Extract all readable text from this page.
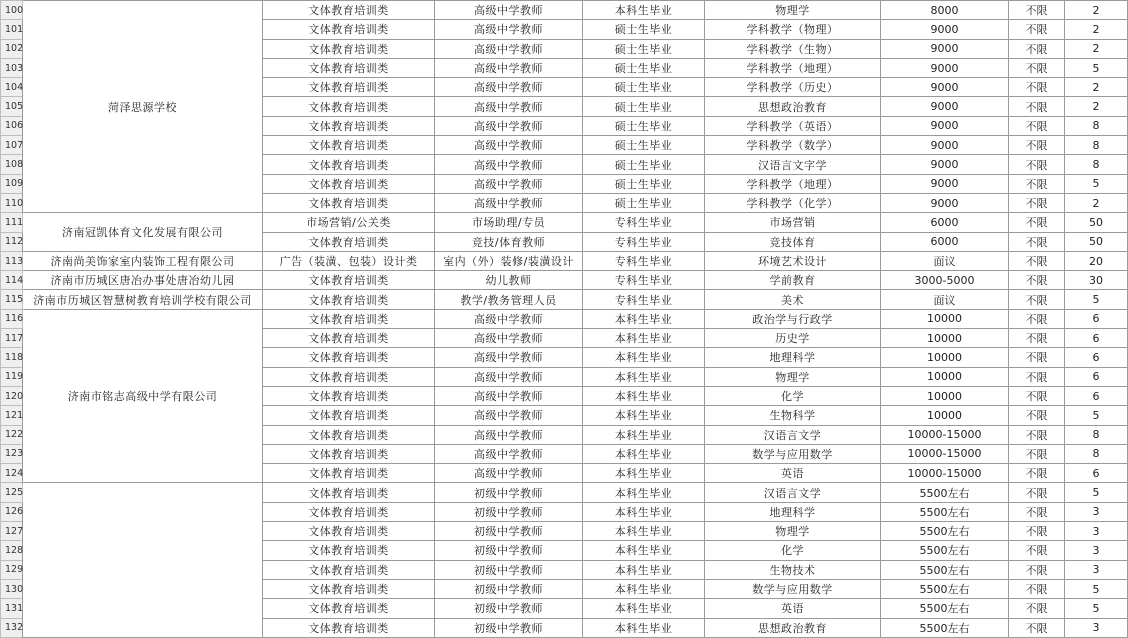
100	菏泽思源学校	文体教育培训类	高级中学教师	本科生毕业	物理学	8000	不限	2
101		文体教育培训类	高级中学教师	硕士生毕业	学科教学（物理）	9000	不限	2
102		文体教育培训类	高级中学教师	硕士生毕业	学科教学（生物）	9000	不限	2
103		文体教育培训类	高级中学教师	硕士生毕业	学科教学（地理）	9000	不限	5
104		文体教育培训类	高级中学教师	硕士生毕业	学科教学（历史）	9000	不限	2
105		文体教育培训类	高级中学教师	硕士生毕业	思想政治教育	9000	不限	2
106		文体教育培训类	高级中学教师	硕士生毕业	学科教学（英语）	9000	不限	8
107		文体教育培训类	高级中学教师	硕士生毕业	学科教学（数学）	9000	不限	8
108		文体教育培训类	高级中学教师	硕士生毕业	汉语言文字学	9000	不限	8
109		文体教育培训类	高级中学教师	硕士生毕业	学科教学（地理）	9000	不限	5
110		文体教育培训类	高级中学教师	硕士生毕业	学科教学（化学）	9000	不限	2
111	济南冠凯体育文化发展有限公司	市场营销/公关类	市场助理/专员	专科生毕业	市场营销	6000	不限	50
112		文体教育培训类	竞技/体育教师	专科生毕业	竞技体育	6000	不限	50
113	济南尚美饰家室内装饰工程有限公司	广告（装潢、包装）设计类	室内（外）装修/装潢设计	专科生毕业	环境艺术设计	面议	不限	20
114	济南市历城区唐冶办事处唐冶幼儿园	文体教育培训类	幼儿教师	专科生毕业	学前教育	3000-5000	不限	30
115	济南市历城区智慧树教育培训学校有限公司	文体教育培训类	教学/教务管理人员	专科生毕业	美术	面议	不限	5
116	济南市铭志高级中学有限公司	文体教育培训类	高级中学教师	本科生毕业	政治学与行政学	10000	不限	6
117		文体教育培训类	高级中学教师	本科生毕业	历史学	10000	不限	6
118		文体教育培训类	高级中学教师	本科生毕业	地理科学	10000	不限	6
119		文体教育培训类	高级中学教师	本科生毕业	物理学	10000	不限	6
120		文体教育培训类	高级中学教师	本科生毕业	化学	10000	不限	6
121		文体教育培训类	高级中学教师	本科生毕业	生物科学	10000	不限	5
122		文体教育培训类	高级中学教师	本科生毕业	汉语言文学	10000-15000	不限	8
123		文体教育培训类	高级中学教师	本科生毕业	数学与应用数学	10000-15000	不限	8
124		文体教育培训类	高级中学教师	本科生毕业	英语	10000-15000	不限	6
125		文体教育培训类	初级中学教师	本科生毕业	汉语言文学	5500左右	不限	5
126		文体教育培训类	初级中学教师	本科生毕业	地理科学	5500左右	不限	3
127		文体教育培训类	初级中学教师	本科生毕业	物理学	5500左右	不限	3
128		文体教育培训类	初级中学教师	本科生毕业	化学	5500左右	不限	3
129		文体教育培训类	初级中学教师	本科生毕业	生物技术	5500左右	不限	3
130		文体教育培训类	初级中学教师	本科生毕业	数学与应用数学	5500左右	不限	5
131		文体教育培训类	初级中学教师	本科生毕业	英语	5500左右	不限	5
132		文体教育培训类	初级中学教师	本科生毕业	思想政治教育	5500左右	不限	3
